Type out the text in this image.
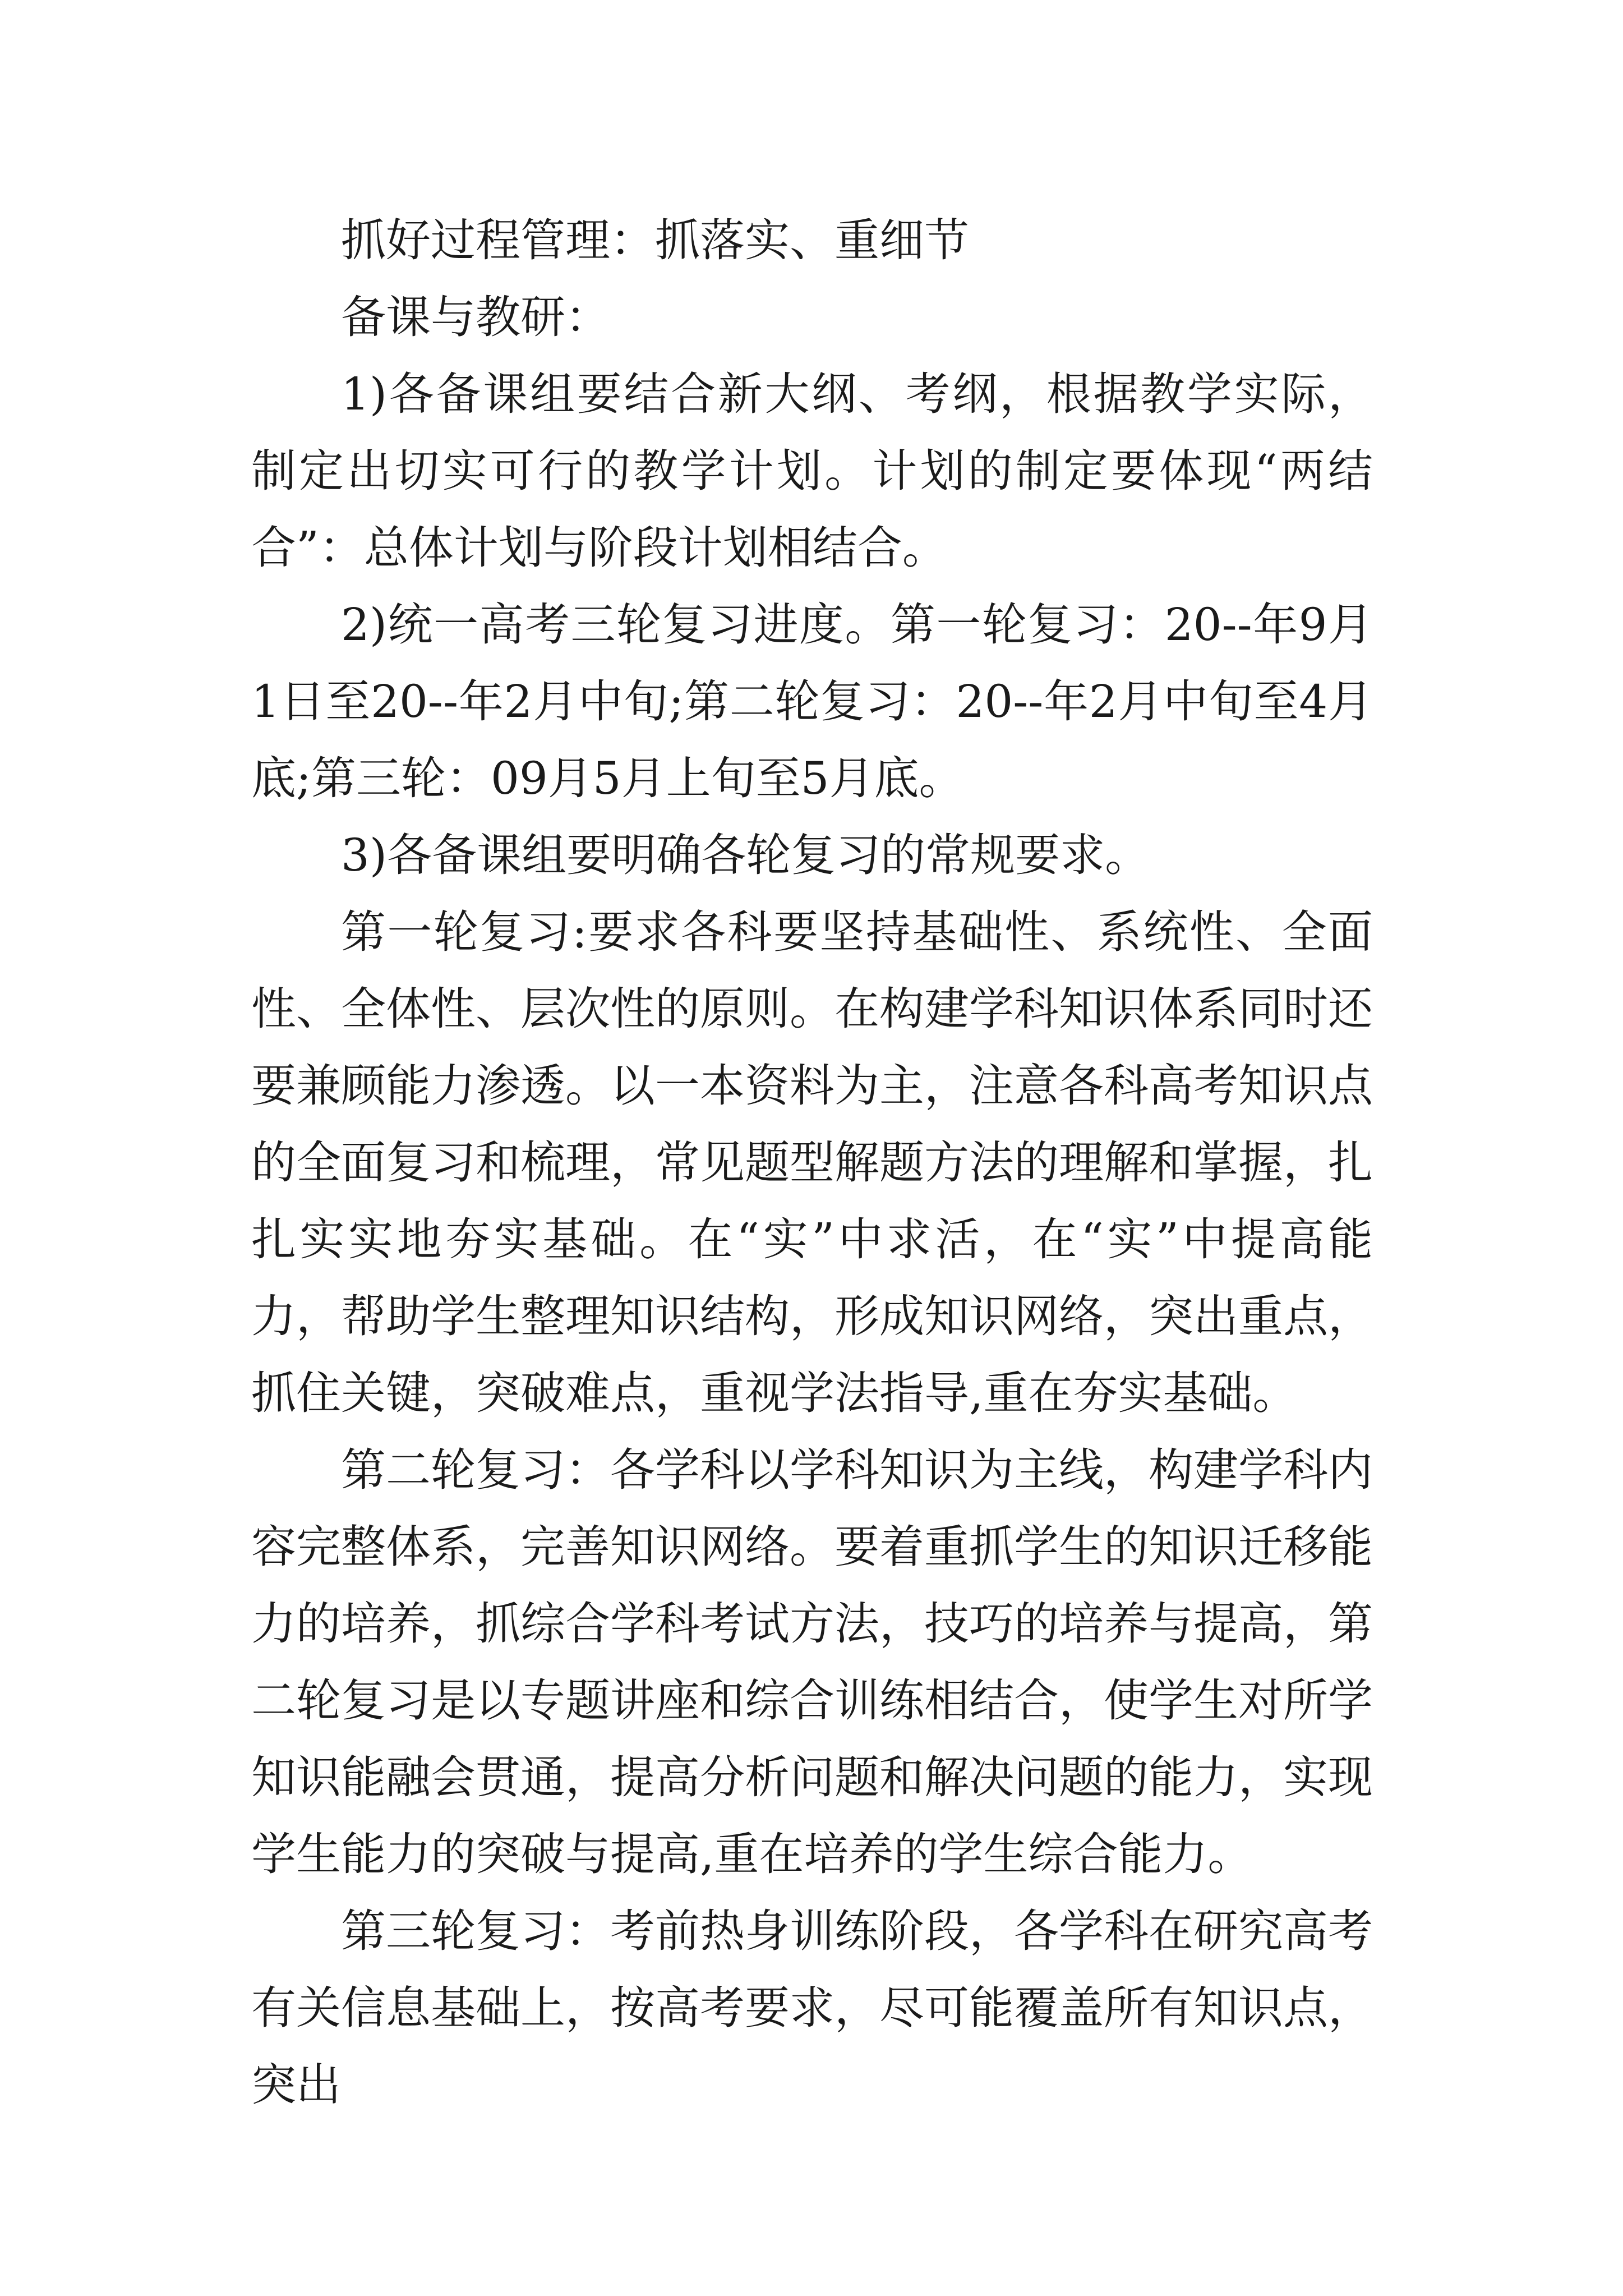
抓好过程管理：抓落实、重细节

备课与教研：

1)各备课组要结合新大纲、考纲，根据教学实际，制定出切实可行的教学计划。计划的制定要体现“两结合”：总体计划与阶段计划相结合。

2)统一高考三轮复习进度。第一轮复习：20--年9月1日至20--年2月中旬;第二轮复习：20--年2月中旬至4月底;第三轮：09月5月上旬至5月底。

3)各备课组要明确各轮复习的常规要求。

第一轮复习:要求各科要坚持基础性、系统性、全面性、全体性、层次性的原则。在构建学科知识体系同时还要兼顾能力渗透。以一本资料为主，注意各科高考知识点的全面复习和梳理，常见题型解题方法的理解和掌握，扎扎实实地夯实基础。在“实”中求活，在“实”中提高能力，帮助学生整理知识结构，形成知识网络，突出重点，抓住关键，突破难点，重视学法指导,重在夯实基础。

第二轮复习：各学科以学科知识为主线，构建学科内容完整体系，完善知识网络。要着重抓学生的知识迁移能力的培养，抓综合学科考试方法，技巧的培养与提高，第二轮复习是以专题讲座和综合训练相结合，使学生对所学知识能融会贯通，提高分析问题和解决问题的能力，实现学生能力的突破与提高,重在培养的学生综合能力。

第三轮复习：考前热身训练阶段，各学科在研究高考有关信息基础上，按高考要求，尽可能覆盖所有知识点，突出
